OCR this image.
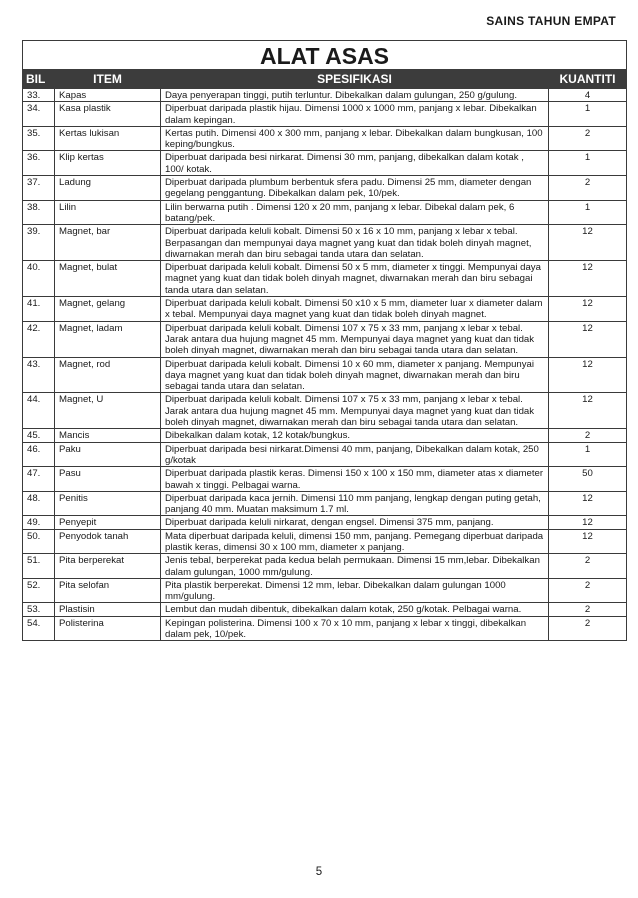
SAINS TAHUN EMPAT
ALAT ASAS			
BIL	ITEM	SPESIFIKASI	KUANTITI
33.	Kapas	Daya penyerapan tinggi, putih terluntur. Dibekalkan dalam gulungan, 250 g/gulung.	4
34.	Kasa plastik	Diperbuat daripada plastik hijau. Dimensi 1000 x 1000 mm, panjang x lebar. Dibekalkan dalam kepingan.	1
35.	Kertas lukisan	Kertas putih. Dimensi 400 x 300 mm, panjang x lebar. Dibekalkan dalam bungkusan, 100 keping/bungkus.	2
36.	Klip kertas	Diperbuat daripada besi nirkarat. Dimensi 30 mm, panjang, dibekalkan dalam kotak , 100/ kotak.	1
37.	Ladung	Diperbuat daripada plumbum berbentuk sfera padu. Dimensi 25 mm, diameter dengan gegelang penggantung. Dibekalkan dalam pek, 10/pek.	2
38.	Lilin	Lilin berwarna putih . Dimensi 120 x 20 mm, panjang x lebar. Dibekal dalam pek, 6 batang/pek.	1
39.	Magnet, bar	Diperbuat daripada keluli kobalt. Dimensi 50 x 16 x 10 mm, panjang x lebar x tebal. Berpasangan dan mempunyai daya magnet yang kuat dan tidak boleh dinyah magnet, diwarnakan merah dan biru sebagai tanda utara dan selatan.	12
40.	Magnet, bulat	Diperbuat daripada keluli kobalt. Dimensi 50 x 5 mm, diameter x tinggi. Mempunyai daya magnet yang kuat dan tidak boleh dinyah magnet, diwarnakan merah dan biru sebagai tanda utara dan selatan.	12
41.	Magnet, gelang	Diperbuat daripada keluli kobalt. Dimensi 50 x10 x 5 mm, diameter luar x diameter dalam x tebal. Mempunyai daya magnet yang kuat dan tidak boleh dinyah magnet.	12
42.	Magnet, ladam	Diperbuat daripada keluli kobalt. Dimensi 107 x 75 x 33 mm, panjang x lebar x tebal. Jarak antara dua hujung magnet 45 mm. Mempunyai daya magnet yang kuat dan tidak boleh dinyah magnet, diwarnakan merah dan biru sebagai tanda utara dan selatan.	12
43.	Magnet, rod	Diperbuat daripada keluli kobalt. Dimensi 10 x 60 mm, diameter x panjang. Mempunyai daya magnet yang kuat dan tidak boleh dinyah magnet, diwarnakan merah dan biru sebagai tanda utara dan selatan.	12
44.	Magnet, U	Diperbuat daripada keluli kobalt. Dimensi 107 x 75 x 33 mm, panjang x lebar x tebal. Jarak antara dua hujung magnet 45 mm. Mempunyai daya magnet yang kuat dan tidak boleh dinyah magnet, diwarnakan merah dan biru sebagai tanda utara dan selatan.	12
45.	Mancis	Dibekalkan dalam kotak, 12 kotak/bungkus.	2
46.	Paku	Diperbuat daripada besi nirkarat.Dimensi 40 mm, panjang, Dibekalkan dalam kotak, 250 g/kotak	1
47.	Pasu	Diperbuat daripada plastik keras. Dimensi 150 x 100 x 150 mm, diameter atas x diameter bawah x tinggi. Pelbagai warna.	50
48.	Penitis	Diperbuat daripada kaca jernih. Dimensi 110 mm panjang, lengkap dengan puting getah, panjang 40 mm. Muatan maksimum 1.7 ml.	12
49.	Penyepit	Diperbuat daripada keluli nirkarat, dengan engsel. Dimensi 375 mm, panjang.	12
50.	Penyodok tanah	Mata diperbuat daripada keluli, dimensi 150 mm, panjang. Pemegang diperbuat daripada plastik keras, dimensi 30 x 100 mm, diameter x panjang.	12
51.	Pita berperekat	Jenis tebal, berperekat pada kedua belah permukaan. Dimensi 15 mm,lebar. Dibekalkan dalam gulungan, 1000 mm/gulung.	2
52.	Pita selofan	Pita plastik berperekat. Dimensi 12 mm, lebar. Dibekalkan dalam gulungan 1000 mm/gulung.	2
53.	Plastisin	Lembut dan mudah dibentuk, dibekalkan dalam kotak, 250 g/kotak. Pelbagai warna.	2
54.	Polisterina	Kepingan polisterina. Dimensi 100 x 70 x 10 mm, panjang x lebar x tinggi, dibekalkan dalam pek, 10/pek.	2
5
